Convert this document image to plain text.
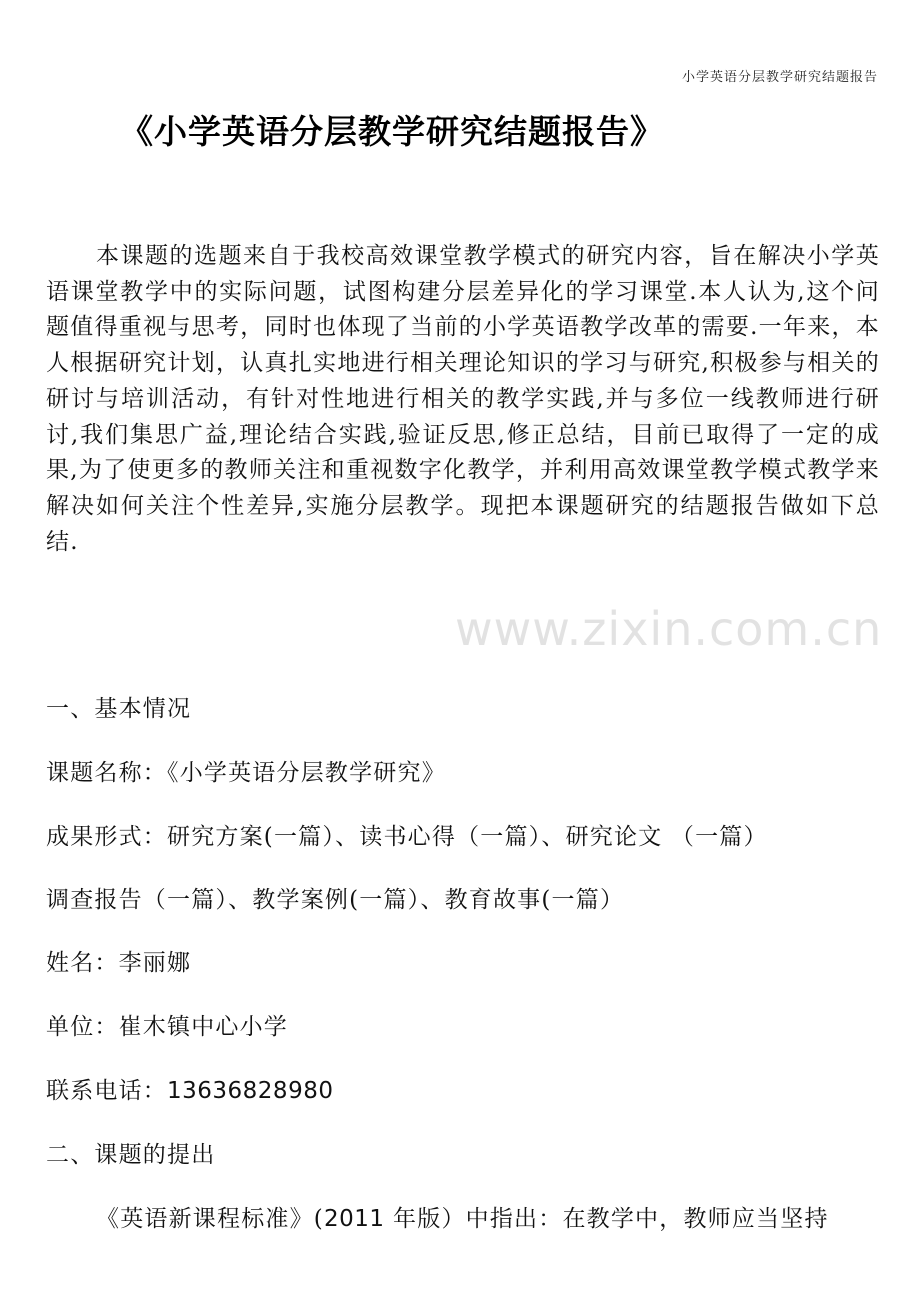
小学英语分层教学研究结题报告
《小学英语分层教学研究结题报告》
www.zixin.com.cn
本课题的选题来自于我校高效课堂教学模式的研究内容，旨在解决小学英语课堂教学中的实际问题，试图构建分层差异化的学习课堂.本人认为,这个问题值得重视与思考，同时也体现了当前的小学英语教学改革的需要.一年来，本人根据研究计划，认真扎实地进行相关理论知识的学习与研究,积极参与相关的研讨与培训活动，有针对性地进行相关的教学实践,并与多位一线教师进行研讨,我们集思广益,理论结合实践,验证反思,修正总结，目前已取得了一定的成果,为了使更多的教师关注和重视数字化教学，并利用高效课堂教学模式教学来解决如何关注个性差异,实施分层教学。现把本课题研究的结题报告做如下总结.
一、基本情况
课题名称：《小学英语分层教学研究》
成果形式：研究方案(一篇）、读书心得（一篇）、研究论文 （一篇）
调查报告（一篇）、教学案例(一篇）、教育故事(一篇）
姓名：李丽娜
单位：崔木镇中心小学
联系电话：13636828980
二、课题的提出
《英语新课程标准》(2011 年版）中指出：在教学中，教师应当坚持
